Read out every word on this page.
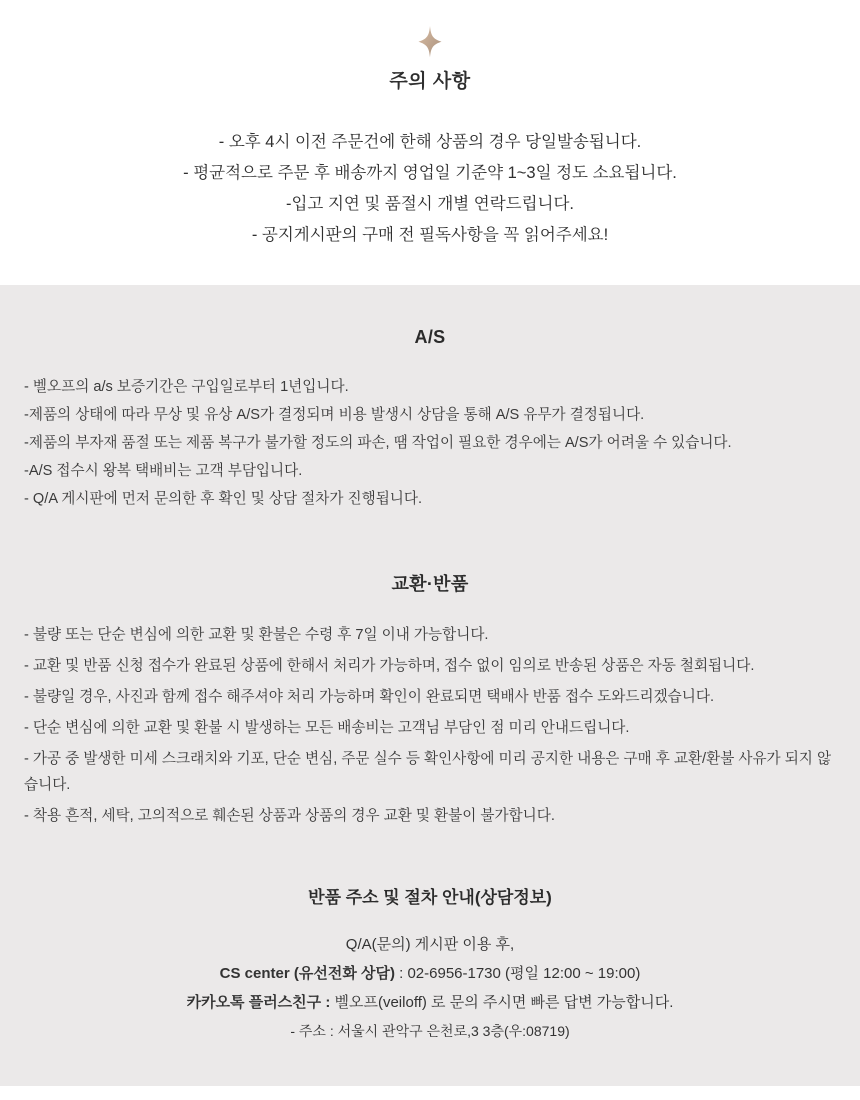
주의 사항
- 오후 4시 이전 주문건에 한해 상품의 경우 당일발송됩니다.
- 평균적으로 주문 후 배송까지 영업일 기준약 1~3일 정도 소요됩니다.
-입고 지연 및 품절시 개별 연락드립니다.
- 공지게시판의 구매 전 필독사항을 꼭 읽어주세요!
A/S
- 벨오프의 a/s 보증기간은 구입일로부터 1년입니다.
-제품의 상태에 따라 무상 및 유상 A/S가 결정되며 비용 발생시 상담을 통해 A/S 유무가 결정됩니다.
-제품의 부자재 품절 또는 제품 복구가 불가할 정도의 파손, 땜 작업이 필요한 경우에는 A/S가 어려울 수 있습니다.
-A/S 접수시 왕복 택배비는 고객 부담입니다.
- Q/A 게시판에 먼저 문의한 후 확인 및 상담 절차가 진행됩니다.
교환·반품
- 불량 또는 단순 변심에 의한 교환 및 환불은 수령 후 7일 이내 가능합니다.
- 교환 및 반품 신청 접수가 완료된 상품에 한해서 처리가 가능하며, 접수 없이 임의로 반송된 상품은 자동 철회됩니다.
- 불량일 경우, 사진과 함께 접수 해주셔야 처리 가능하며 확인이 완료되면 택배사 반품 접수 도와드리겠습니다.
- 단순 변심에 의한 교환 및 환불 시 발생하는 모든 배송비는 고객님 부담인 점 미리 안내드립니다.
- 가공 중 발생한 미세 스크래치와 기포, 단순 변심, 주문 실수 등 확인사항에 미리 공지한 내용은 구매 후 교환/환불 사유가 되지 않습니다.
- 착용 흔적, 세탁, 고의적으로 훼손된 상품과 상품의 경우 교환 및 환불이 불가합니다.
반품 주소 및 절차 안내(상담정보)
Q/A(문의) 게시판 이용 후,
CS center (유선전화 상담) : 02-6956-1730 (평일 12:00 ~ 19:00)
카카오톡 플러스친구 : 벨오프(veiloff) 로 문의 주시면 빠른 답변 가능합니다.
- 주소 : 서울시 관악구 은천로,3 3층(우:08719)
